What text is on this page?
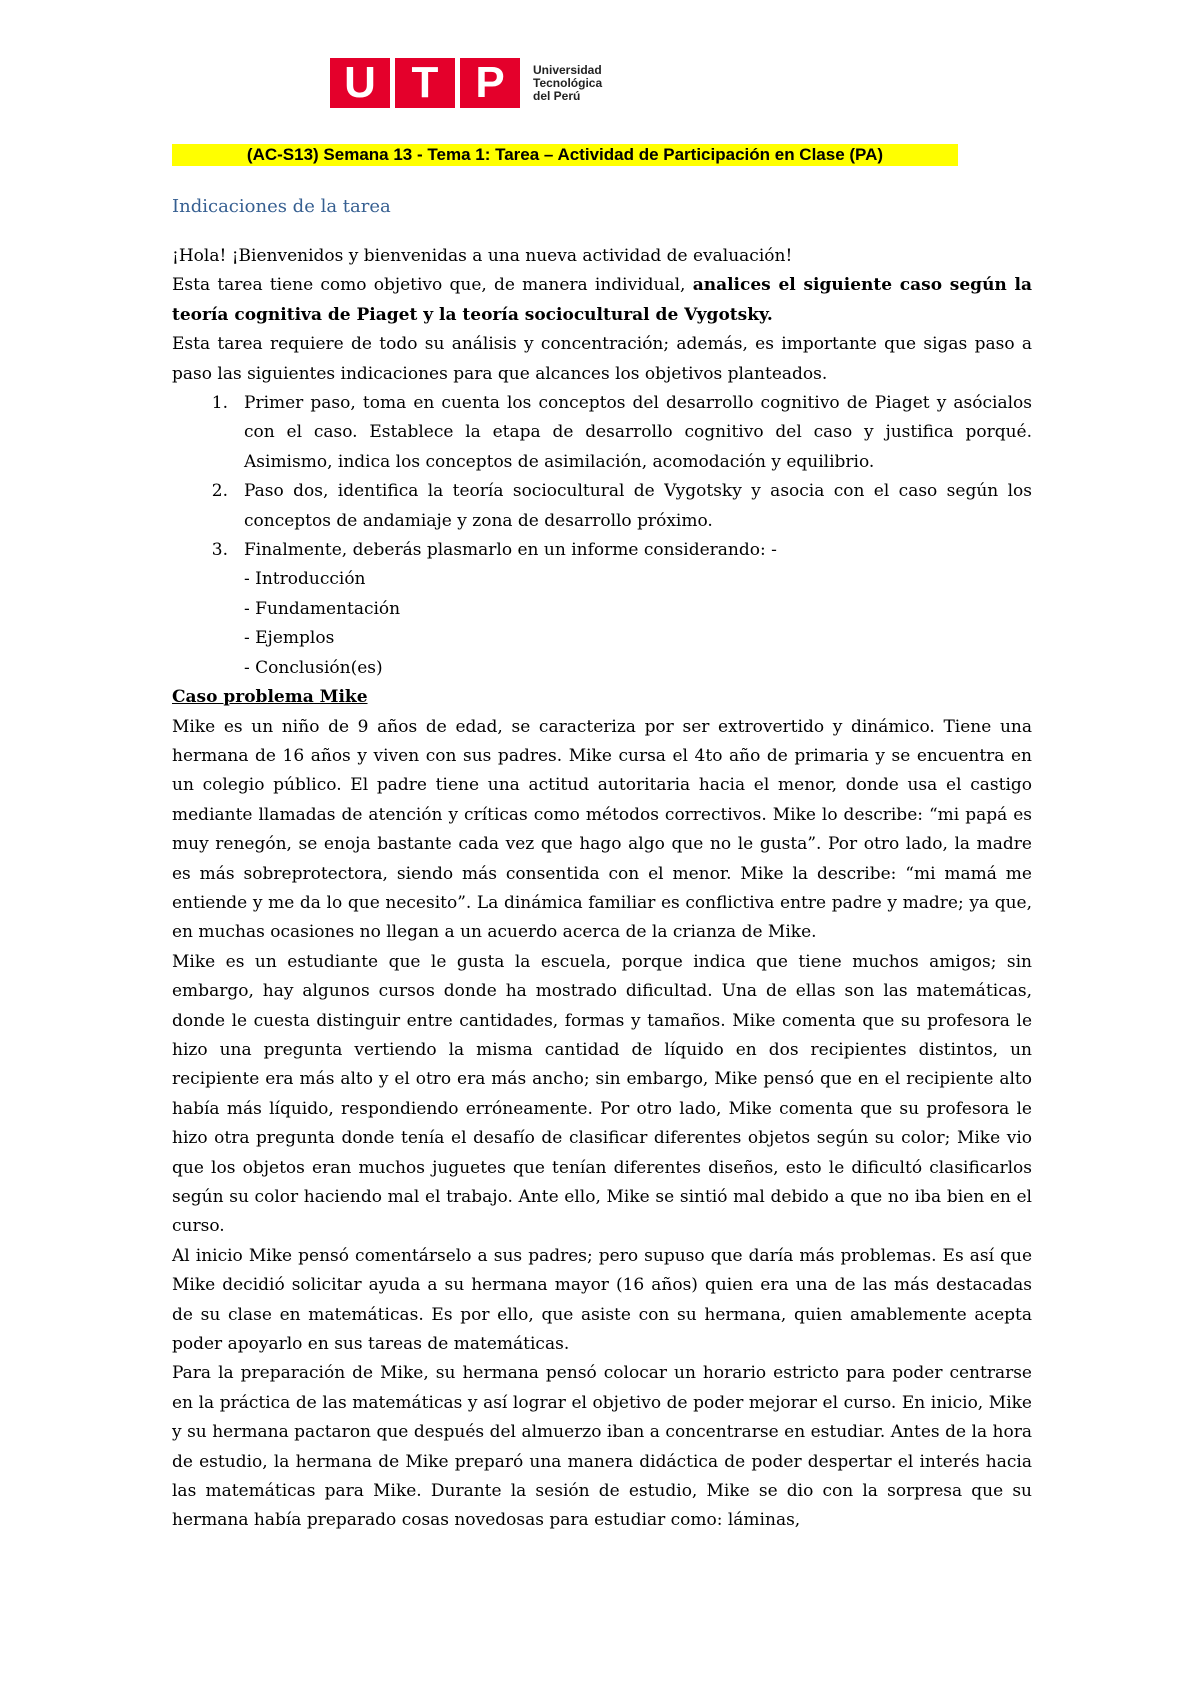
U T P	Universidad
Tecnológica
del Perú
(AC-S13) Semana 13 - Tema 1: Tarea – Actividad de Participación en Clase (PA)
Indicaciones de la tarea

¡Hola! ¡Bienvenidos y bienvenidas a una nueva actividad de evaluación!

Esta tarea tiene como objetivo que, de manera individual, analices el siguiente caso según la teoría cognitiva de Piaget y la teoría sociocultural de Vygotsky.

Esta tarea requiere de todo su análisis y concentración; además, es importante que sigas paso a paso las siguientes indicaciones para que alcances los objetivos planteados.

1. Primer paso, toma en cuenta los conceptos del desarrollo cognitivo de Piaget y asócialos con el caso. Establece la etapa de desarrollo cognitivo del caso y justifica porqué. Asimismo, indica los conceptos de asimilación, acomodación y equilibrio.
2. Paso dos, identifica la teoría sociocultural de Vygotsky y asocia con el caso según los conceptos de andamiaje y zona de desarrollo próximo.
3. Finalmente, deberás plasmarlo en un informe considerando: -
- Introducción
- Fundamentación
- Ejemplos
- Conclusión(es)

Caso problema Mike

Mike es un niño de 9 años de edad, se caracteriza por ser extrovertido y dinámico. Tiene una hermana de 16 años y viven con sus padres. Mike cursa el 4to año de primaria y se encuentra en un colegio público. El padre tiene una actitud autoritaria hacia el menor, donde usa el castigo mediante llamadas de atención y críticas como métodos correctivos. Mike lo describe: “mi papá es muy renegón, se enoja bastante cada vez que hago algo que no le gusta”. Por otro lado, la madre es más sobreprotectora, siendo más consentida con el menor. Mike la describe: “mi mamá me entiende y me da lo que necesito”. La dinámica familiar es conflictiva entre padre y madre; ya que, en muchas ocasiones no llegan a un acuerdo acerca de la crianza de Mike.

Mike es un estudiante que le gusta la escuela, porque indica que tiene muchos amigos; sin embargo, hay algunos cursos donde ha mostrado dificultad. Una de ellas son las matemáticas, donde le cuesta distinguir entre cantidades, formas y tamaños. Mike comenta que su profesora le hizo una pregunta vertiendo la misma cantidad de líquido en dos recipientes distintos, un recipiente era más alto y el otro era más ancho; sin embargo, Mike pensó que en el recipiente alto había más líquido, respondiendo erróneamente. Por otro lado, Mike comenta que su profesora le hizo otra pregunta donde tenía el desafío de clasificar diferentes objetos según su color; Mike vio que los objetos eran muchos juguetes que tenían diferentes diseños, esto le dificultó clasificarlos según su color haciendo mal el trabajo. Ante ello, Mike se sintió mal debido a que no iba bien en el curso.

Al inicio Mike pensó comentárselo a sus padres; pero supuso que daría más problemas. Es así que Mike decidió solicitar ayuda a su hermana mayor (16 años) quien era una de las más destacadas de su clase en matemáticas. Es por ello, que asiste con su hermana, quien amablemente acepta poder apoyarlo en sus tareas de matemáticas.

Para la preparación de Mike, su hermana pensó colocar un horario estricto para poder centrarse en la práctica de las matemáticas y así lograr el objetivo de poder mejorar el curso. En inicio, Mike y su hermana pactaron que después del almuerzo iban a concentrarse en estudiar. Antes de la hora de estudio, la hermana de Mike preparó una manera didáctica de poder despertar el interés hacia las matemáticas para Mike. Durante la sesión de estudio, Mike se dio con la sorpresa que su hermana había preparado cosas novedosas para estudiar como: láminas,
